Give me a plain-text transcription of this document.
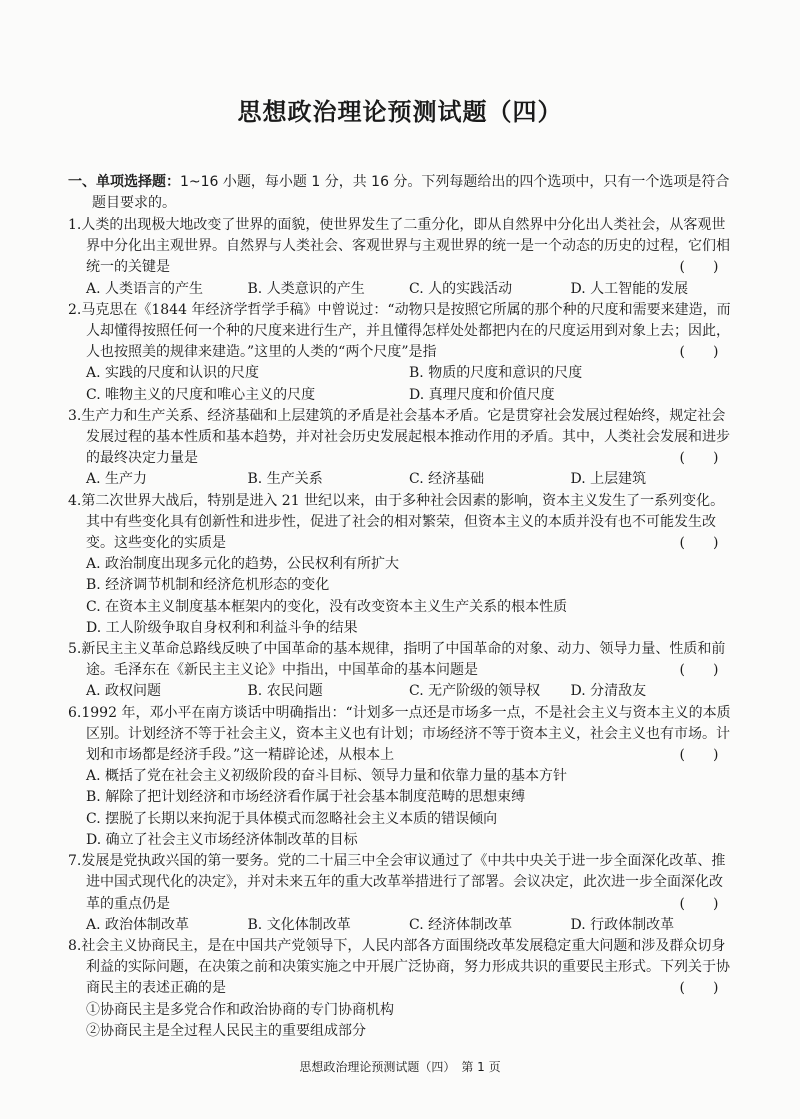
思想政治理论预测试题（四）
一、单项选择题：1~16 小题，每小题 1 分，共 16 分。下列每题给出的四个选项中，只有一个选项是符合题目要求的。
1.人类的出现极大地改变了世界的面貌，使世界发生了二重分化，即从自然界中分化出人类社会，从客观世界中分化出主观世界。自然界与人类社会、客观世界与主观世界的统一是一个动态的历史的过程，它们相统一的关键是	(　　)
A. 人类语言的产生	B. 人类意识的产生	C. 人的实践活动	D. 人工智能的发展
2.马克思在《1844 年经济学哲学手稿》中曾说过：“动物只是按照它所属的那个种的尺度和需要来建造，而人却懂得按照任何一个种的尺度来进行生产，并且懂得怎样处处都把内在的尺度运用到对象上去；因此，人也按照美的规律来建造。”这里的人类的“两个尺度”是指	(　　)
A. 实践的尺度和认识的尺度	B. 物质的尺度和意识的尺度
C. 唯物主义的尺度和唯心主义的尺度	D. 真理尺度和价值尺度
3.生产力和生产关系、经济基础和上层建筑的矛盾是社会基本矛盾。它是贯穿社会发展过程始终，规定社会发展过程的基本性质和基本趋势，并对社会历史发展起根本推动作用的矛盾。其中，人类社会发展和进步的最终决定力量是	(　　)
A. 生产力	B. 生产关系	C. 经济基础	D. 上层建筑
4.第二次世界大战后，特别是进入 21 世纪以来，由于多种社会因素的影响，资本主义发生了一系列变化。其中有些变化具有创新性和进步性，促进了社会的相对繁荣，但资本主义的本质并没有也不可能发生改变。这些变化的实质是	(　　)
A. 政治制度出现多元化的趋势，公民权利有所扩大
B. 经济调节机制和经济危机形态的变化
C. 在资本主义制度基本框架内的变化，没有改变资本主义生产关系的根本性质
D. 工人阶级争取自身权利和利益斗争的结果
5.新民主主义革命总路线反映了中国革命的基本规律，指明了中国革命的对象、动力、领导力量、性质和前途。毛泽东在《新民主主义论》中指出，中国革命的基本问题是	(　　)
A. 政权问题	B. 农民问题	C. 无产阶级的领导权	D. 分清敌友
6.1992 年，邓小平在南方谈话中明确指出：“计划多一点还是市场多一点，不是社会主义与资本主义的本质区别。计划经济不等于社会主义，资本主义也有计划；市场经济不等于资本主义，社会主义也有市场。计划和市场都是经济手段。”这一精辟论述，从根本上	(　　)
A. 概括了党在社会主义初级阶段的奋斗目标、领导力量和依靠力量的基本方针
B. 解除了把计划经济和市场经济看作属于社会基本制度范畴的思想束缚
C. 摆脱了长期以来拘泥于具体模式而忽略社会主义本质的错误倾向
D. 确立了社会主义市场经济体制改革的目标
7.发展是党执政兴国的第一要务。党的二十届三中全会审议通过了《中共中央关于进一步全面深化改革、推进中国式现代化的决定》，并对未来五年的重大改革举措进行了部署。会议决定，此次进一步全面深化改革的重点仍是	(　　)
A. 政治体制改革	B. 文化体制改革	C. 经济体制改革	D. 行政体制改革
8.社会主义协商民主，是在中国共产党领导下，人民内部各方面围绕改革发展稳定重大问题和涉及群众切身利益的实际问题，在决策之前和决策实施之中开展广泛协商，努力形成共识的重要民主形式。下列关于协商民主的表述正确的是	(　　)
①协商民主是多党合作和政治协商的专门协商机构
②协商民主是全过程人民民主的重要组成部分
思想政治理论预测试题（四）　第 1 页
